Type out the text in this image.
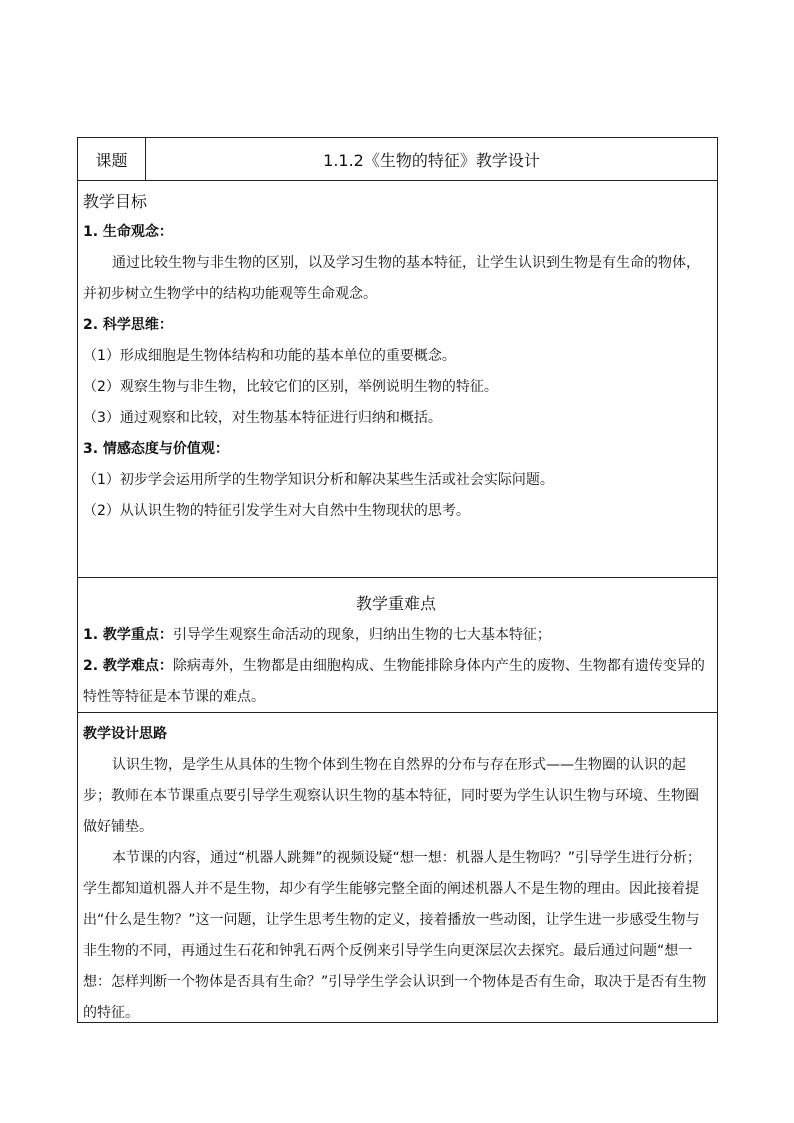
课题	1.1.2《生物的特征》教学设计
教学目标
1. 生命观念：
通过比较生物与非生物的区别，以及学习生物的基本特征，让学生认识到生物是有生命的物体，并初步树立生物学中的结构功能观等生命观念。
2. 科学思维：
（1）形成细胞是生物体结构和功能的基本单位的重要概念。
（2）观察生物与非生物，比较它们的区别，举例说明生物的特征。
（3）通过观察和比较，对生物基本特征进行归纳和概括。
3. 情感态度与价值观：
（1）初步学会运用所学的生物学知识分析和解决某些生活或社会实际问题。
（2）从认识生物的特征引发学生对大自然中生物现状的思考。
教学重难点
1. 教学重点：引导学生观察生命活动的现象，归纳出生物的七大基本特征；
2. 教学难点：除病毒外，生物都是由细胞构成、生物能排除身体内产生的废物、生物都有遗传变异的特性等特征是本节课的难点。
教学设计思路
认识生物，是学生从具体的生物个体到生物在自然界的分布与存在形式——生物圈的认识的起步；教师在本节课重点要引导学生观察认识生物的基本特征，同时要为学生认识生物与环境、生物圈做好铺垫。
本节课的内容，通过“机器人跳舞”的视频设疑“想一想：机器人是生物吗？”引导学生进行分析；学生都知道机器人并不是生物，却少有学生能够完整全面的阐述机器人不是生物的理由。因此接着提出“什么是生物？”这一问题，让学生思考生物的定义，接着播放一些动图，让学生进一步感受生物与非生物的不同，再通过生石花和钟乳石两个反例来引导学生向更深层次去探究。最后通过问题“想一想：怎样判断一个物体是否具有生命？”引导学生学会认识到一个物体是否有生命，取决于是否有生物的特征。
